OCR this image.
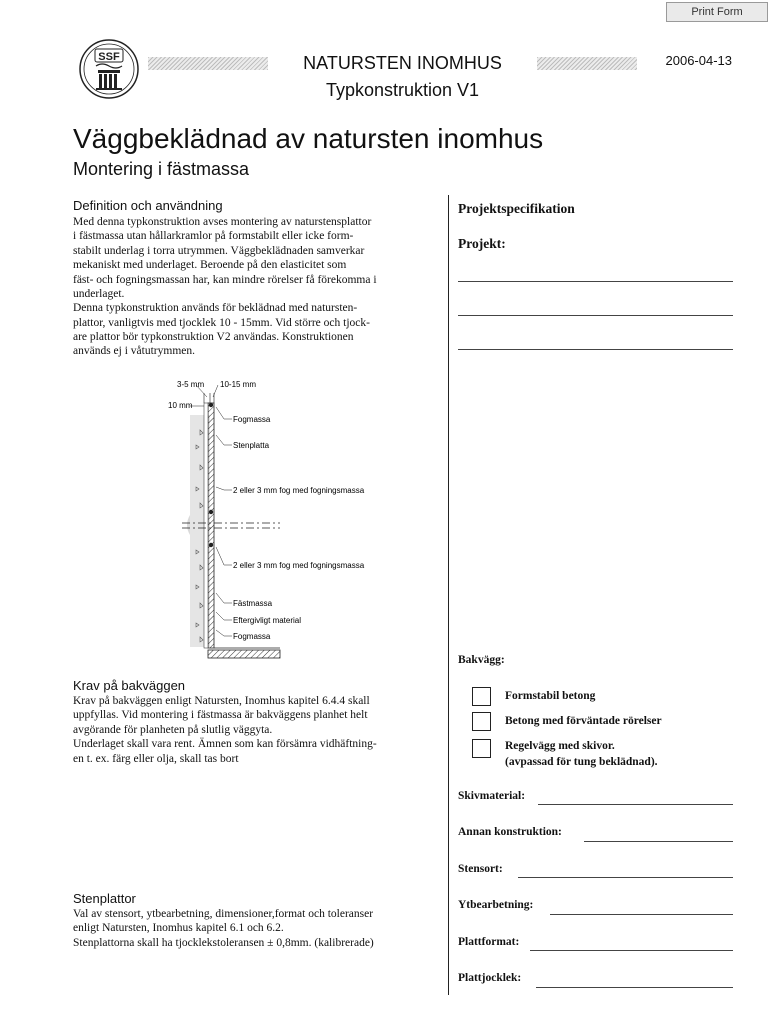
Print Form
SSF	NATURSTEN INOMHUS
Typkonstruktion V1
2006-04-13
Väggbeklädnad av natursten inomhus
Montering i fästmassa
Definition och användning
Med denna typkonstruktion avses montering av naturstensplattor
i fästmassa utan hållarkramlor på formstabilt eller icke form-
stabilt underlag i torra utrymmen. Väggbeklädnaden samverkar
mekaniskt med underlaget. Beroende på den elasticitet som
fäst- och fogningsmassan har, kan mindre rörelser få förekomma i
underlaget.
Denna typkonstruktion används för beklädnad med natursten-
plattor, vanligtvis med tjocklek 10 - 15mm. Vid större och tjock-
are plattor bör typkonstruktion V2 användas. Konstruktionen
används ej i våtutrymmen.
3-5 mm 10-15 mm
10 mm
Fogmassa
Stenplatta
2 eller 3 mm fog med fogningsmassa
2 eller 3 mm fog med fogningsmassa
Fästmassa
Eftergivligt material
Fogmassa
Krav på bakväggen
Krav på bakväggen enligt Natursten, Inomhus kapitel 6.4.4 skall
uppfyllas. Vid montering i fästmassa är bakväggens planhet helt
avgörande för planheten på slutlig väggyta.
Underlaget skall vara rent. Ämnen som kan försämra vidhäftning-
en t. ex. färg eller olja, skall tas bort
Stenplattor
Val av stensort, ytbearbetning, dimensioner,format och toleranser
enligt Natursten, Inomhus kapitel 6.1 och 6.2.
Stenplattorna skall ha tjocklekstoleransen ± 0,8mm. (kalibrerade)
Projektspecifikation
Projekt:
Bakvägg:
Formstabil betong
Betong med förväntade rörelser
Regelvägg med skivor.
(avpassad för tung beklädnad).
Skivmaterial:
Annan konstruktion:
Stensort:
Ytbearbetning:
Plattformat:
Plattjocklek:
